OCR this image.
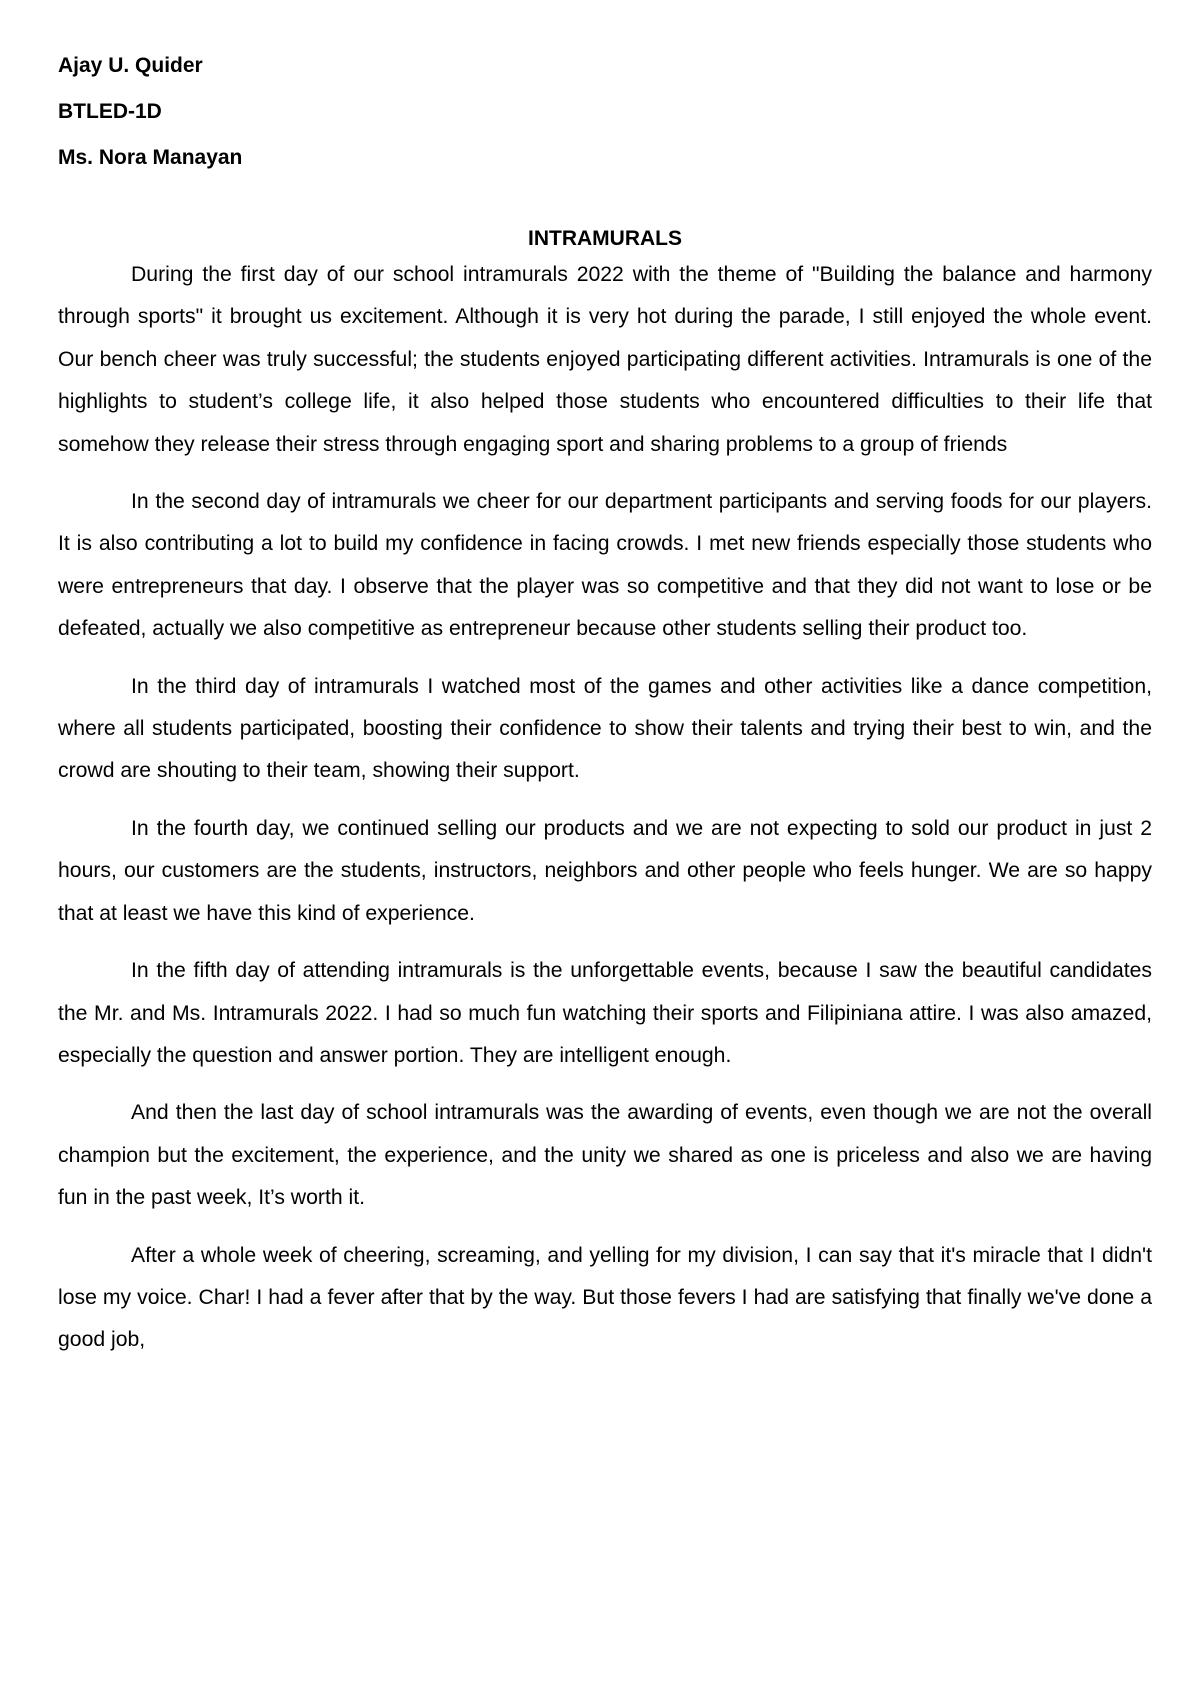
Ajay U. Quider
BTLED-1D
Ms. Nora Manayan
INTRAMURALS

During the first day of our school intramurals 2022 with the theme of "Building the balance and harmony through sports" it brought us excitement. Although it is very hot during the parade, I still enjoyed the whole event. Our bench cheer was truly successful; the students enjoyed participating different activities. Intramurals is one of the highlights to student’s college life, it also helped those students who encountered difficulties to their life that somehow they release their stress through engaging sport and sharing problems to a group of friends

In the second day of intramurals we cheer for our department participants and serving foods for our players. It is also contributing a lot to build my confidence in facing crowds. I met new friends especially those students who were entrepreneurs that day. I observe that the player was so competitive and that they did not want to lose or be defeated, actually we also competitive as entrepreneur because other students selling their product too.

In the third day of intramurals I watched most of the games and other activities like a dance competition, where all students participated, boosting their confidence to show their talents and trying their best to win, and the crowd are shouting to their team, showing their support.

In the fourth day, we continued selling our products and we are not expecting to sold our product in just 2 hours, our customers are the students, instructors, neighbors and other people who feels hunger. We are so happy that at least we have this kind of experience.

In the fifth day of attending intramurals is the unforgettable events, because I saw the beautiful candidates the Mr. and Ms. Intramurals 2022. I had so much fun watching their sports and Filipiniana attire. I was also amazed, especially the question and answer portion. They are intelligent enough.

And then the last day of school intramurals was the awarding of events, even though we are not the overall champion but the excitement, the experience, and the unity we shared as one is priceless and also we are having fun in the past week, It’s worth it.

After a whole week of cheering, screaming, and yelling for my division, I can say that it's miracle that I didn't lose my voice. Char! I had a fever after that by the way. But those fevers I had are satisfying that finally we've done a good job,
